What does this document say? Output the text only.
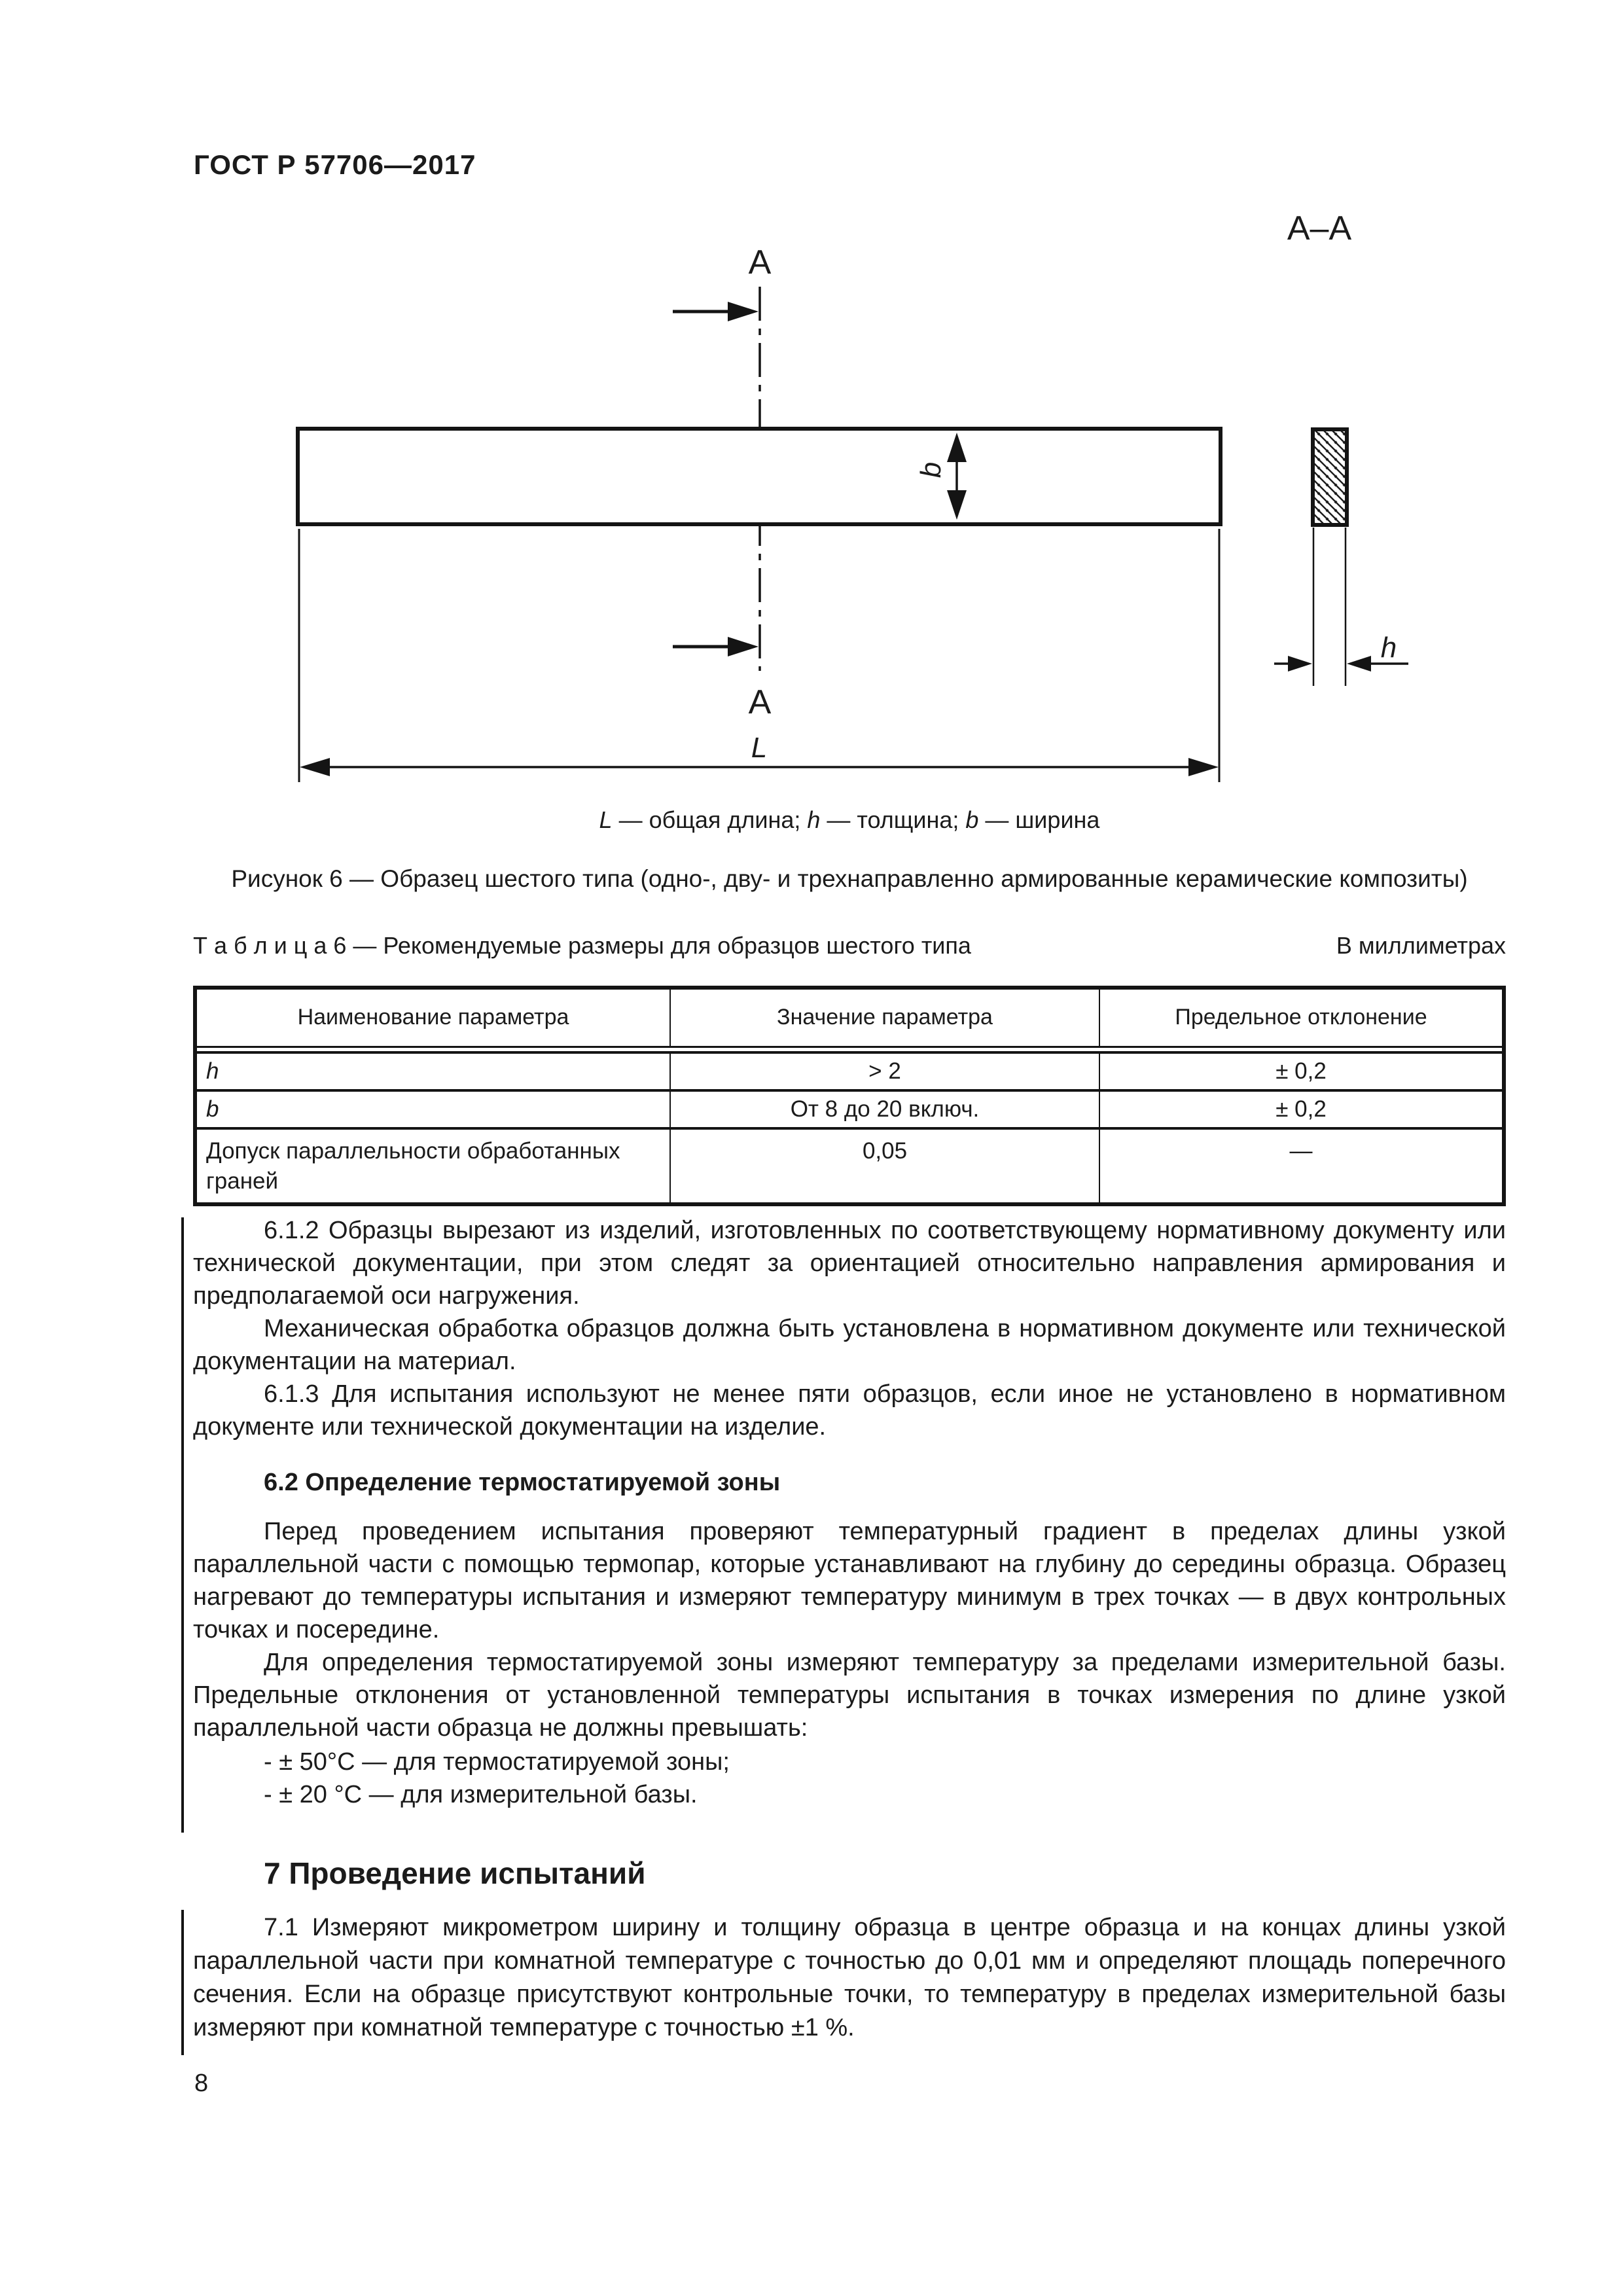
ГОСТ Р 57706—2017
A
A
b
L
A–A
h
L — общая длина; h — толщина; b — ширина
Рисунок 6 — Образец шестого типа (одно-, дву- и трехнаправленно армированные керамические композиты)
Т а б л и ц а 6 — Рекомендуемые размеры для образцов шестого типа	В миллиметрах
Наименование параметра	Значение параметра	Предельное отклонение

h	> 2	± 0,2
b	От 8 до 20 включ.	± 0,2
Допуск параллельности обработанных граней	0,05	—

6.1.2 Образцы вырезают из изделий, изготовленных по соответствующему нормативному документу или технической документации, при этом следят за ориентацией относительно направления армирования и предполагаемой оси нагружения.

Механическая обработка образцов должна быть установлена в нормативном документе или технической документации на материал.

6.1.3 Для испытания используют не менее пяти образцов, если иное не установлено в нормативном документе или технической документации на изделие.

6.2 Определение термостатируемой зоны

Перед проведением испытания проверяют температурный градиент в пределах длины узкой параллельной части с помощью термопар, которые устанавливают на глубину до середины образца. Образец нагревают до температуры испытания и измеряют температуру минимум в трех точках — в двух контрольных точках и посередине.

Для определения термостатируемой зоны измеряют температуру за пределами измерительной базы. Предельные отклонения от установленной температуры испытания в точках измерения по длине узкой параллельной части образца не должны превышать:

- ± 50°С — для термостатируемой зоны;

- ± 20 °С — для измерительной базы.

7 Проведение испытаний

7.1 Измеряют микрометром ширину и толщину образца в центре образца и на концах длины узкой параллельной части при комнатной температуре с точностью до 0,01 мм и определяют площадь поперечного сечения. Если на образце присутствуют контрольные точки, то температуру в пределах измерительной базы измеряют при комнатной температуре с точностью ±1 %.

8
